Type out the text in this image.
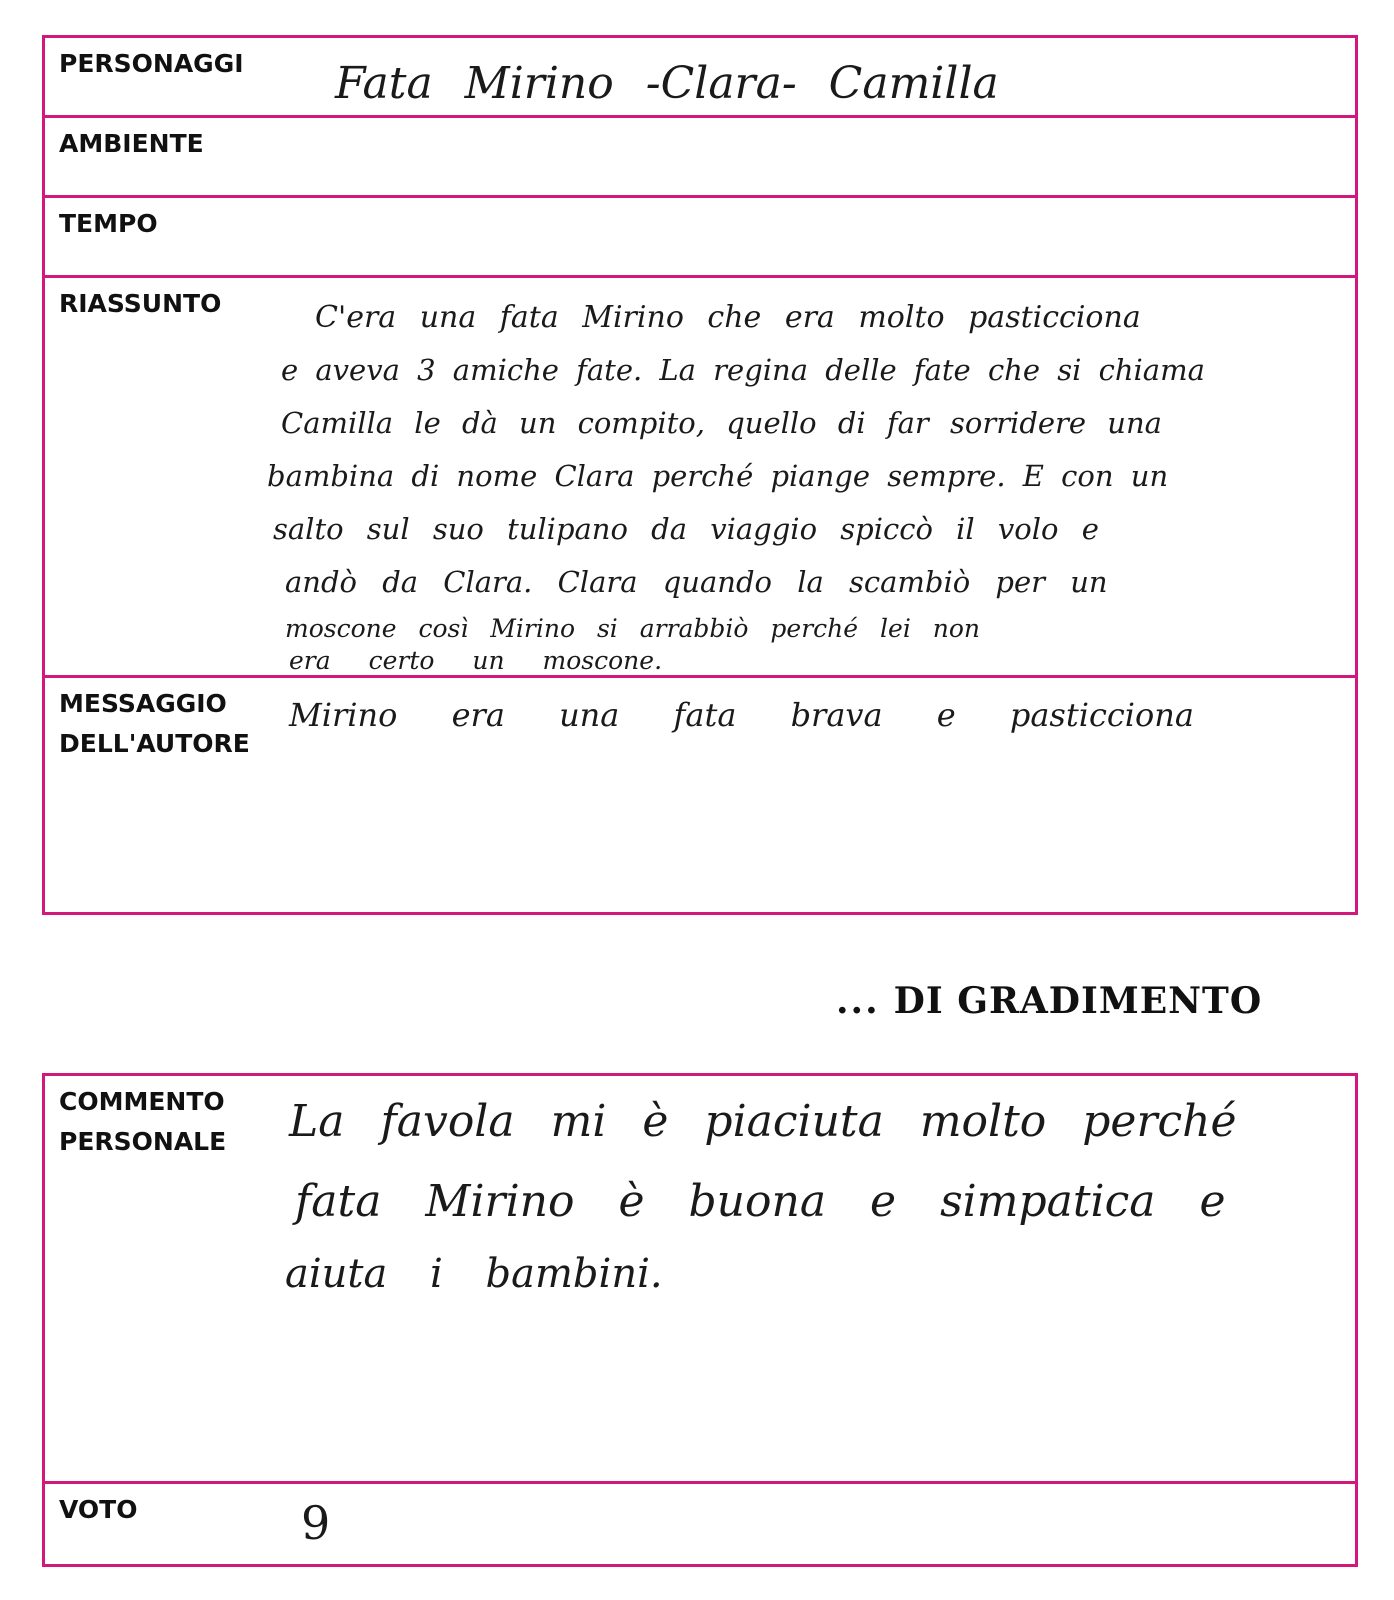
PERSONAGGI Fata Mirino -Clara- Camilla
AMBIENTE
TEMPO
RIASSUNTO	C'era una fata Mirino che era molto pasticciona
e aveva 3 amiche fate. La regina delle fate che si chiama
Camilla le dà un compito, quello di far sorridere una
bambina di nome Clara perché piange sempre. E con un
salto sul suo tulipano da viaggio spiccò il volo e
andò da Clara. Clara quando la scambiò per un
moscone così Mirino si arrabbiò perché lei non
era certo un moscone.
MESSAGGIO
DELL'AUTORE
Mirino era una fata brava e pasticciona
... DI GRADIMENTO
COMMENTO
PERSONALE La favola mi è piaciuta molto perché
fata Mirino è buona e simpatica e
aiuta i bambini.
VOTO	9
